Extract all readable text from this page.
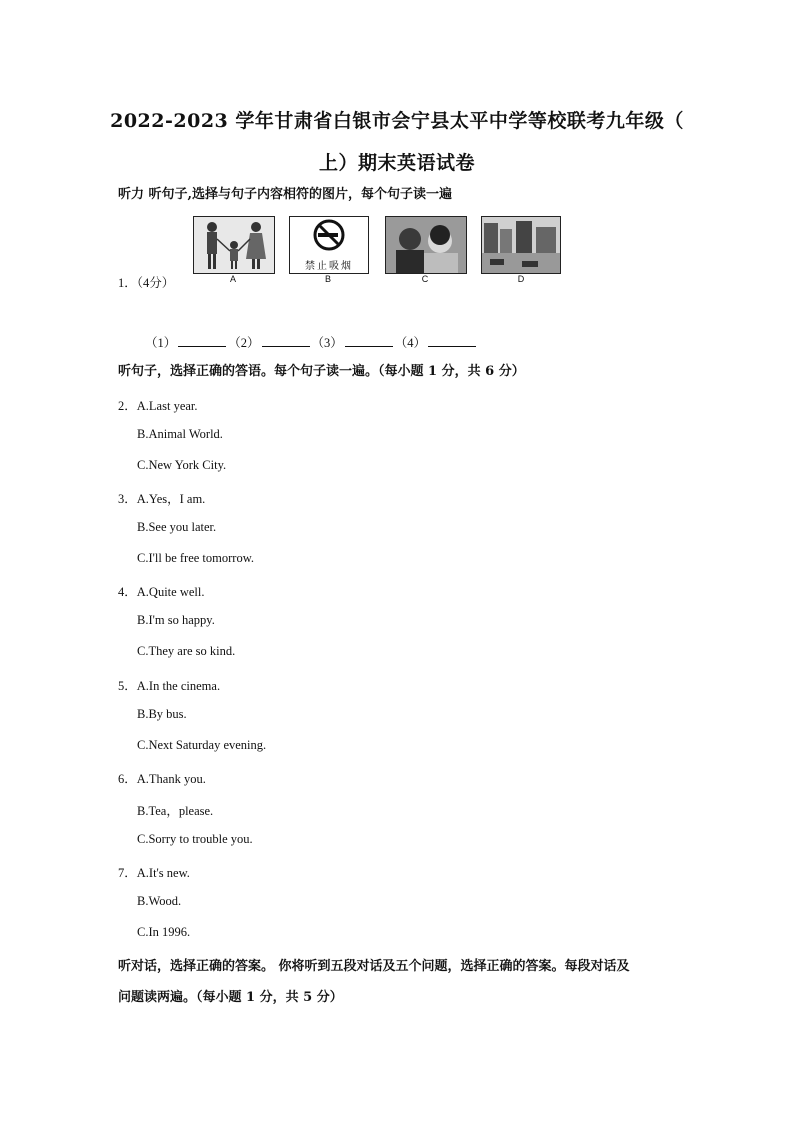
2022-2023 学年甘肃省白银市会宁县太平中学等校联考九年级（
上）期末英语试卷
听力 听句子,选择与句子内容相符的图片，每个句子读一遍
A
禁止吸烟
B	C	D
1．（4分）
（1）	（2）	（3）	（4）
听句子，选择正确的答语。每个句子读一遍。（每小题 1 分，共 6 分）
2．A.Last year.
B.Animal World.
C.New York City.
3．A.Yes，I am.
B.See you later.
C.I'll be free tomorrow.
4．A.Quite well.
B.I'm so happy.
C.They are so kind.
5．A.In the cinema.
B.By bus.
C.Next Saturday evening.
6．A.Thank you.
B.Tea，please.
C.Sorry to trouble you.
7．A.It's new.
B.Wood.
C.In 1996.
听对话，选择正确的答案。 你将听到五段对话及五个问题，选择正确的答案。每段对话及
问题读两遍。（每小题 1 分，共 5 分）
